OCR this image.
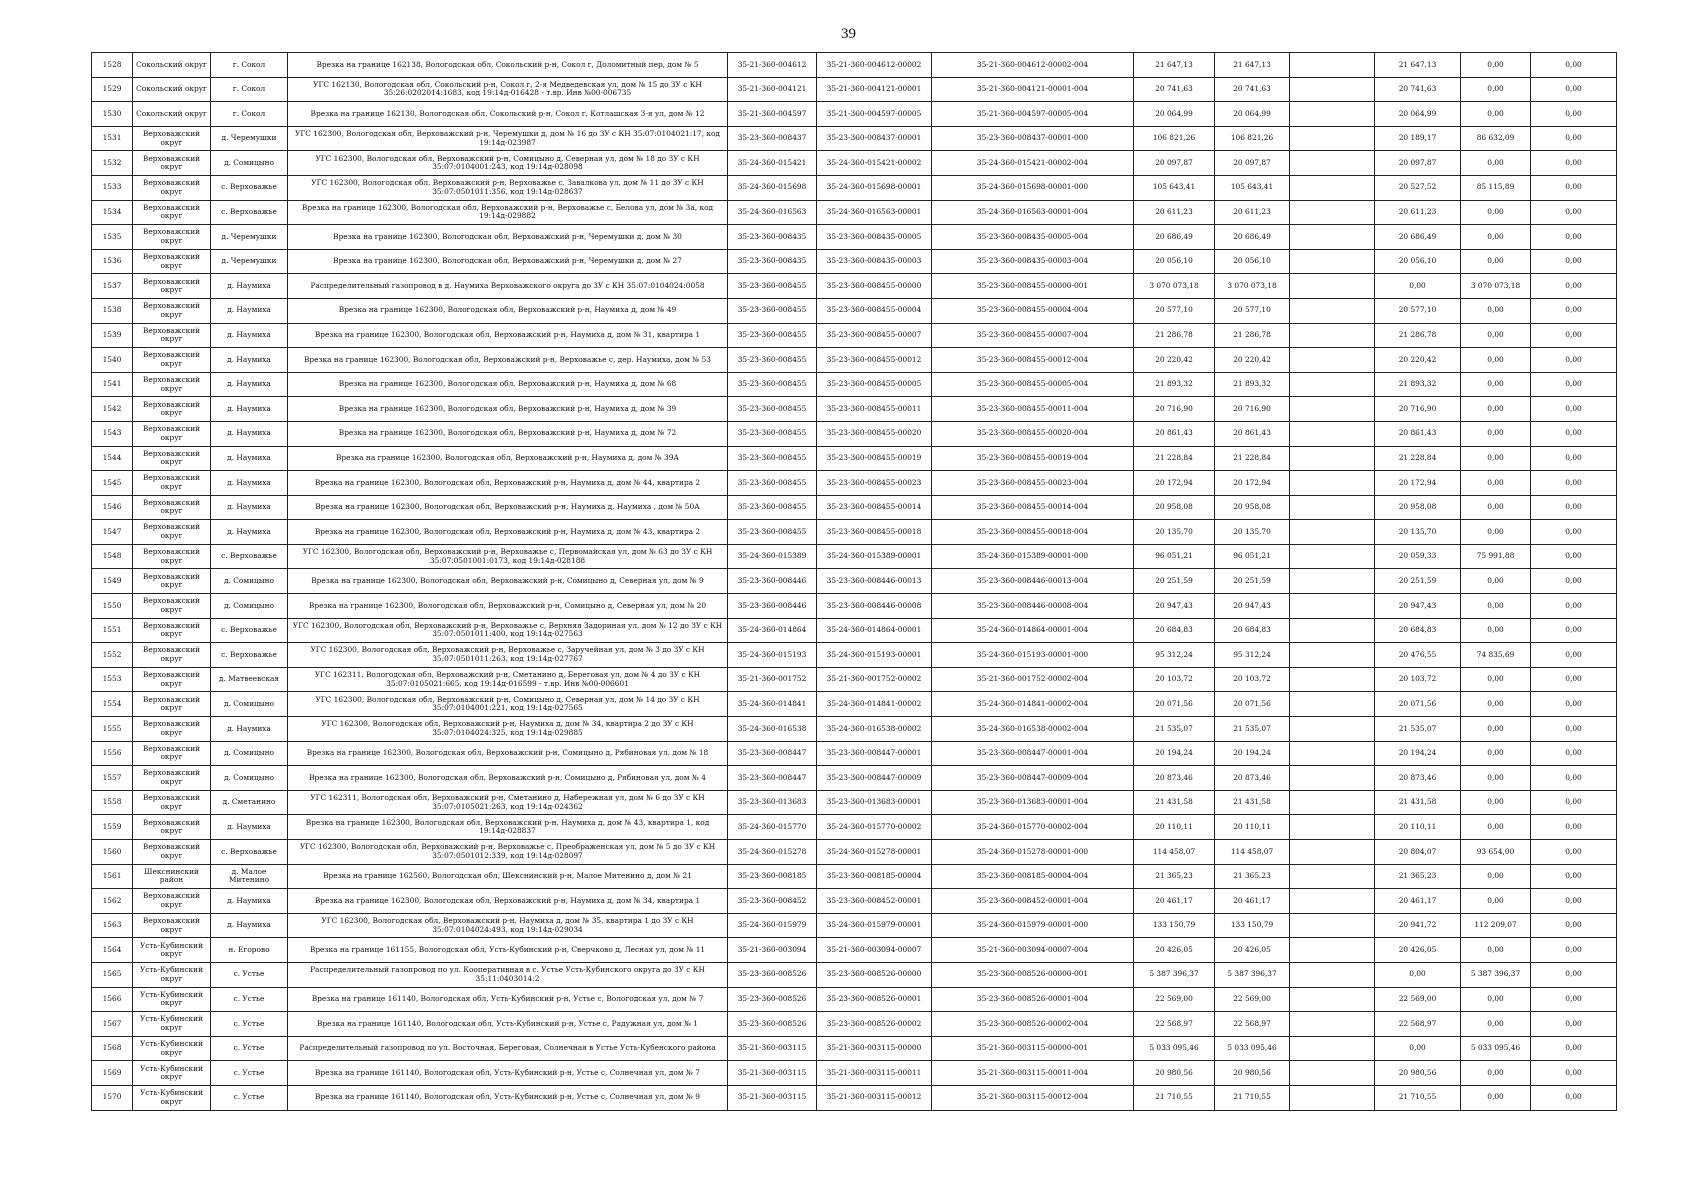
39
1528	Сокольский округ	г. Сокол	Врезка на границе 162138, Вологодская обл, Сокольский р-н, Сокол г, Доломитный пер, дом № 5	35-21-360-004612	35-21-360-004612-00002	35-21-360-004612-00002-004	21 647,13	21 647,13		21 647,13	0,00	0,00
1529	Сокольский округ	г. Сокол	УГС 162130, Вологодская обл, Сокольский р-н, Сокол г, 2-я Медведевская ул, дом № 15 до ЗУ с КН 35:26:0202014:1683, код 19:14д-016428 - т.вр. Инв №00-006735	35-21-360-004121	35-21-360-004121-00001	35-21-360-004121-00001-004	20 741,63	20 741,63		20 741,63	0,00	0,00
1530	Сокольский округ	г. Сокол	Врезка на границе 162130, Вологодская обл, Сокольский р-н, Сокол г, Котлашская 3-я ул, дом № 12	35-21-360-004597	35-21-360-004597-00005	35-21-360-004597-00005-004	20 064,99	20 064,99		20 064,99	0,00	0,00
1531	Верховажский округ	д. Черемушки	УГС 162300, Вологодская обл, Верховажский р-н, Черемушки д, дом № 16 до ЗУ с КН 35:07:0104021:17, код 19:14д-023987	35-23-360-008437	35-23-360-008437-00001	35-23-360-008437-00001-000	106 821,26	106 821,26		20 189,17	86 632,09	0,00
1532	Верховажский округ	д. Сомицыно	УГС 162300, Вологодская обл, Верховажский р-н, Сомицыно д, Северная ул, дом № 18 до ЗУ с КН 35:07:0104001:243, код 19:14д-028098	35-24-360-015421	35-24-360-015421-00002	35-24-360-015421-00002-004	20 097,87	20 097,87		20 097,87	0,00	0,00
1533	Верховажский округ	с. Верховажье	УГС 162300, Вологодская обл, Верховажский р-н, Верховажье с, Завалкова ул, дом № 11 до ЗУ с КН 35:07:0501011:356, код 19:14д-028637	35-24-360-015698	35-24-360-015698-00001	35-24-360-015698-00001-000	105 643,41	105 643,41		20 527,52	85 115,89	0,00
1534	Верховажский округ	с. Верховажье	Врезка на границе 162300, Вологодская обл, Верховажский р-н, Верховажье с, Белова ул, дом № 3а, код 19:14д-029882	35-24-360-016563	35-24-360-016563-00001	35-24-360-016563-00001-004	20 611,23	20 611,23		20 611,23	0,00	0,00
1535	Верховажский округ	д. Черемушки	Врезка на границе 162300, Вологодская обл, Верховажский р-н, Черемушки д, дом № 30	35-23-360-008435	35-23-360-008435-00005	35-23-360-008435-00005-004	20 686,49	20 686,49		20 686,49	0,00	0,00
1536	Верховажский округ	д. Черемушки	Врезка на границе 162300, Вологодская обл, Верховажский р-н, Черемушки д, дом № 27	35-23-360-008435	35-23-360-008435-00003	35-23-360-008435-00003-004	20 056,10	20 056,10		20 056,10	0,00	0,00
1537	Верховажский округ	д. Наумиха	Распределительный газопровод в д. Наумиха Верховажского округа до ЗУ с КН 35:07:0104024:0058	35-23-360-008455	35-23-360-008455-00000	35-23-360-008455-00000-001	3 070 073,18	3 070 073,18		0,00	3 070 073,18	0,00
1538	Верховажский округ	д. Наумиха	Врезка на границе 162300, Вологодская обл, Верховажский р-н, Наумиха д, дом № 49	35-23-360-008455	35-23-360-008455-00004	35-23-360-008455-00004-004	20 577,10	20 577,10		20 577,10	0,00	0,00
1539	Верховажский округ	д. Наумиха	Врезка на границе 162300, Вологодская обл, Верховажский р-н, Наумиха д, дом № 31, квартира 1	35-23-360-008455	35-23-360-008455-00007	35-23-360-008455-00007-004	21 286,78	21 286,78		21 286,78	0,00	0,00
1540	Верховажский округ	д. Наумиха	Врезка на границе 162300, Вологодская обл, Верховажский р-н, Верховажье с, дер. Наумиха, дом № 53	35-23-360-008455	35-23-360-008455-00012	35-23-360-008455-00012-004	20 220,42	20 220,42		20 220,42	0,00	0,00
1541	Верховажский округ	д. Наумиха	Врезка на границе 162300, Вологодская обл, Верховажский р-н, Наумиха д, дом № 68	35-23-360-008455	35-23-360-008455-00005	35-23-360-008455-00005-004	21 893,32	21 893,32		21 893,32	0,00	0,00
1542	Верховажский округ	д. Наумиха	Врезка на границе 162300, Вологодская обл, Верховажский р-н, Наумиха д, дом № 39	35-23-360-008455	35-23-360-008455-00011	35-23-360-008455-00011-004	20 716,90	20 716,90		20 716,90	0,00	0,00
1543	Верховажский округ	д. Наумиха	Врезка на границе 162300, Вологодская обл, Верховажский р-н, Наумиха д, дом № 72	35-23-360-008455	35-23-360-008455-00020	35-23-360-008455-00020-004	20 861,43	20 861,43		20 861,43	0,00	0,00
1544	Верховажский округ	д. Наумиха	Врезка на границе 162300, Вологодская обл, Верховажский р-н, Наумиха д, дом № 39А	35-23-360-008455	35-23-360-008455-00019	35-23-360-008455-00019-004	21 228,84	21 228,84		21 228,84	0,00	0,00
1545	Верховажский округ	д. Наумиха	Врезка на границе 162300, Вологодская обл, Верховажский р-н, Наумиха д, дом № 44, квартира 2	35-23-360-008455	35-23-360-008455-00023	35-23-360-008455-00023-004	20 172,94	20 172,94		20 172,94	0,00	0,00
1546	Верховажский округ	д. Наумиха	Врезка на границе 162300, Вологодская обл, Верховажский р-н, Наумиха д, Наумиха , дом № 50А	35-23-360-008455	35-23-360-008455-00014	35-23-360-008455-00014-004	20 958,08	20 958,08		20 958,08	0,00	0,00
1547	Верховажский округ	д. Наумиха	Врезка на границе 162300, Вологодская обл, Верховажский р-н, Наумиха д, дом № 43, квартира 2	35-23-360-008455	35-23-360-008455-00018	35-23-360-008455-00018-004	20 135,70	20 135,70		20 135,70	0,00	0,00
1548	Верховажский округ	с. Верховажье	УГС 162300, Вологодская обл, Верховажский р-н, Верховажье с, Первомайская ул, дом № 63 до ЗУ с КН 35:07:0501001:0173, код 19:14д-028188	35-24-360-015389	35-24-360-015389-00001	35-24-360-015389-00001-000	96 051,21	96 051,21		20 059,33	75 991,88	0,00
1549	Верховажский округ	д. Сомицыно	Врезка на границе 162300, Вологодская обл, Верховажский р-н, Сомицыно д, Северная ул, дом № 9	35-23-360-008446	35-23-360-008446-00013	35-23-360-008446-00013-004	20 251,59	20 251,59		20 251,59	0,00	0,00
1550	Верховажский округ	д. Сомицыно	Врезка на границе 162300, Вологодская обл, Верховажский р-н, Сомицыно д, Северная ул, дом № 20	35-23-360-008446	35-23-360-008446-00008	35-23-360-008446-00008-004	20 947,43	20 947,43		20 947,43	0,00	0,00
1551	Верховажский округ	с. Верховажье	УГС 162300, Вологодская обл, Верховажский р-н, Верховажье с, Верхняя Задориная ул, дом № 12 до ЗУ с КН 35:07:0501011:400, код 19:14д-027563	35-24-360-014864	35-24-360-014864-00001	35-24-360-014864-00001-004	20 684,83	20 684,83		20 684,83	0,00	0,00
1552	Верховажский округ	с. Верховажье	УГС 162300, Вологодская обл, Верховажский р-н, Верховажье с, Заручейная ул, дом № 3 до ЗУ с КН 35:07:0501011:263, код 19:14д-027767	35-24-360-015193	35-24-360-015193-00001	35-24-360-015193-00001-000	95 312,24	95 312,24		20 476,55	74 835,69	0,00
1553	Верховажский округ	д. Матвеевская	УГС 162311, Вологодская обл, Верховажский р-н, Сметанино д, Береговая ул, дом № 4 до ЗУ с КН 35:07:0105021:665, код 19:14д-016599 - т.вр. Инв №00-006601	35-21-360-001752	35-21-360-001752-00002	35-21-360-001752-00002-004	20 103,72	20 103,72		20 103,72	0,00	0,00
1554	Верховажский округ	д. Сомицыно	УГС 162300, Вологодская обл, Верховажский р-н, Сомицыно д, Северная ул, дом № 14 до ЗУ с КН 35:07:0104001:221, код 19:14д-027565	35-24-360-014841	35-24-360-014841-00002	35-24-360-014841-00002-004	20 071,56	20 071,56		20 071,56	0,00	0,00
1555	Верховажский округ	д. Наумиха	УГС 162300, Вологодская обл, Верховажский р-н, Наумиха д, дом № 34, квартира 2 до ЗУ с КН 35:07:0104024:325, код 19:14д-029885	35-24-360-016538	35-24-360-016538-00002	35-24-360-016538-00002-004	21 535,07	21 535,07		21 535,07	0,00	0,00
1556	Верховажский округ	д. Сомицыно	Врезка на границе 162300, Вологодская обл, Верховажский р-н, Сомицыно д, Рябиновая ул, дом № 18	35-23-360-008447	35-23-360-008447-00001	35-23-360-008447-00001-004	20 194,24	20 194,24		20 194,24	0,00	0,00
1557	Верховажский округ	д. Сомицыно	Врезка на границе 162300, Вологодская обл, Верховажский р-н, Сомицыно д, Рябиновая ул, дом № 4	35-23-360-008447	35-23-360-008447-00009	35-23-360-008447-00009-004	20 873,46	20 873,46		20 873,46	0,00	0,00
1558	Верховажский округ	д. Сметанино	УГС 162311, Вологодская обл, Верховажский р-н, Сметанино д, Набережная ул, дом № 6 до ЗУ с КН 35:07:0105021:263, код 19:14д-024362	35-23-360-013683	35-23-360-013683-00001	35-23-360-013683-00001-004	21 431,58	21 431,58		21 431,58	0,00	0,00
1559	Верховажский округ	д. Наумиха	Врезка на границе 162300, Вологодская обл, Верховажский р-н, Наумиха д, дом № 43, квартира 1, код 19:14д-028837	35-24-360-015770	35-24-360-015770-00002	35-24-360-015770-00002-004	20 110,11	20 110,11		20 110,11	0,00	0,00
1560	Верховажский округ	с. Верховажье	УГС 162300, Вологодская обл, Верховажский р-н, Верховажье с, Преображенская ул, дом № 5 до ЗУ с КН 35:07:0501012:339, код 19:14д-028097	35-24-360-015278	35-24-360-015278-00001	35-24-360-015278-00001-000	114 458,07	114 458,07		20 804,07	93 654,00	0,00
1561	Шекснинский район	д. Малое Митенино	Врезка на границе 162560, Вологодская обл, Шекснинский р-н, Малое Митенино д, дом № 21	35-23-360-008185	35-23-360-008185-00004	35-23-360-008185-00004-004	21 365,23	21 365,23		21 365,23	0,00	0,00
1562	Верховажский округ	д. Наумиха	Врезка на границе 162300, Вологодская обл, Верховажский р-н, Наумиха д, дом № 34, квартира 1	35-23-360-008452	35-23-360-008452-00001	35-23-360-008452-00001-004	20 461,17	20 461,17		20 461,17	0,00	0,00
1563	Верховажский округ	д. Наумиха	УГС 162300, Вологодская обл, Верховажский р-н, Наумиха д, дом № 35, квартира 1 до ЗУ с КН 35:07:0104024:493, код 19:14д-029034	35-24-360-015979	35-24-360-015979-00001	35-24-360-015979-00001-000	133 150,79	133 150,79		20 941,72	112 209,07	0,00
1564	Усть-Кубинский округ	н. Егорово	Врезка на границе 161155, Вологодская обл, Усть-Кубинский р-н, Сверчково д, Лесная ул, дом № 11	35-21-360-003094	35-21-360-003094-00007	35-21-360-003094-00007-004	20 426,05	20 426,05		20 426,05	0,00	0,00
1565	Усть-Кубинский округ	с. Устье	Распределительный газопровод по ул. Кооперативная в с. Устье Усть-Кубинского округа до ЗУ с КН 35:11:0403014:2	35-23-360-008526	35-23-360-008526-00000	35-23-360-008526-00000-001	5 387 396,37	5 387 396,37		0,00	5 387 396,37	0,00
1566	Усть-Кубинский округ	с. Устье	Врезка на границе 161140, Вологодская обл, Усть-Кубинский р-н, Устье с, Вологодская ул, дом № 7	35-23-360-008526	35-23-360-008526-00001	35-23-360-008526-00001-004	22 569,00	22 569,00		22 569,00	0,00	0,00
1567	Усть-Кубинский округ	с. Устье	Врезка на границе 161140, Вологодская обл, Усть-Кубинский р-н, Устье с, Радужная ул, дом № 1	35-23-360-008526	35-23-360-008526-00002	35-23-360-008526-00002-004	22 568,97	22 568,97		22 568,97	0,00	0,00
1568	Усть-Кубинский округ	с. Устье	Распределительный газопровод по ул. Восточная, Береговая, Солнечная в Устье Усть-Кубенского района	35-21-360-003115	35-21-360-003115-00000	35-21-360-003115-00000-001	5 033 095,46	5 033 095,46		0,00	5 033 095,46	0,00
1569	Усть-Кубинский округ	с. Устье	Врезка на границе 161140, Вологодская обл, Усть-Кубинский р-н, Устье с, Солнечная ул, дом № 7	35-21-360-003115	35-21-360-003115-00011	35-21-360-003115-00011-004	20 980,56	20 980,56		20 980,56	0,00	0,00
1570	Усть-Кубинский округ	с. Устье	Врезка на границе 161140, Вологодская обл, Усть-Кубинский р-н, Устье с, Солнечная ул, дом № 9	35-21-360-003115	35-21-360-003115-00012	35-21-360-003115-00012-004	21 710,55	21 710,55		21 710,55	0,00	0,00
